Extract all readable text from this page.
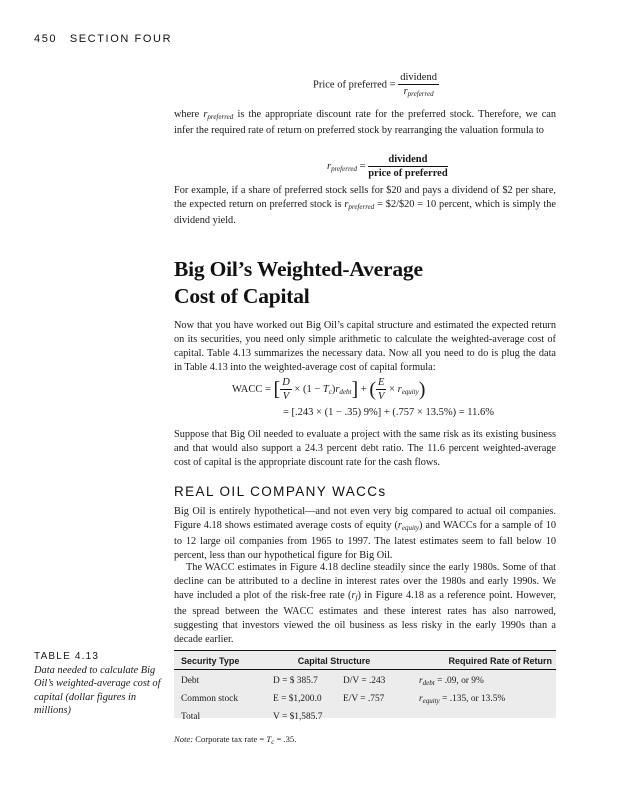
450 SECTION FOUR
Price of preferred = $\frac{\text{dividend}}{r_{preferred}}$
where $r_{preferred}$ is the appropriate discount rate for the preferred stock. Therefore, we can infer the required rate of return on preferred stock by rearranging the valuation formula to
$r_{preferred} = \frac{\text{dividend}}{\text{price of preferred}}$
For example, if a share of preferred stock sells for $20 and pays a dividend of $2 per share, the expected return on preferred stock is $r_{preferred}$ = $2/$20 = 10 percent, which is simply the dividend yield.
Big Oil’s Weighted-Average
Cost of Capital
Now that you have worked out Big Oil’s capital structure and estimated the expected return on its securities, you need only simple arithmetic to calculate the weighted-average cost of capital. Table 4.13 summarizes the necessary data. Now all you need to do is plug the data in Table 4.13 into the weighted-average cost of capital formula:
WACC = [ $\frac{D}{V} \times (1 - T_c)r_{debt}$] + ( $\frac{E}{V} \times r_{equity}$)
= [.243 × (1 − .35) 9%] + (.757 × 13.5%) = 11.6%
Suppose that Big Oil needed to evaluate a project with the same risk as its existing business and that would also support a 24.3 percent debt ratio. The 11.6 percent weighted-average cost of capital is the appropriate discount rate for the cash flows.
REAL OIL COMPANY WACCs
Big Oil is entirely hypothetical—and not even very big compared to actual oil companies. Figure 4.18 shows estimated average costs of equity $(r_{equity})$ and WACCs for a sample of 10 to 12 large oil companies from 1965 to 1997. The latest estimates seem to fall below 10 percent, less than our hypothetical figure for Big Oil.
The WACC estimates in Figure 4.18 decline steadily since the early 1980s. Some of that decline can be attributed to a decline in interest rates over the 1980s and early 1990s. We have included a plot of the risk-free rate $(r_f)$ in Figure 4.18 as a reference point. However, the spread between the WACC estimates and these interest rates has also narrowed, suggesting that investors viewed the oil business as less risky in the early 1990s than a decade earlier.
TABLE 4.13
Data needed to calculate Big Oil’s weighted-average cost of capital (dollar figures in millions)
Security Type	Capital Structure	Required Rate of Return
Debt	D = $ 385.7 D/V = .243	$r_{debt} = .09$, or 9%
Common stock	E = $1,200.0 E/V = .757	$r_{equity} = .135$, or 13.5%
Total	V = $1,585.7	
Note: Corporate tax rate = $T_c = .35$.
